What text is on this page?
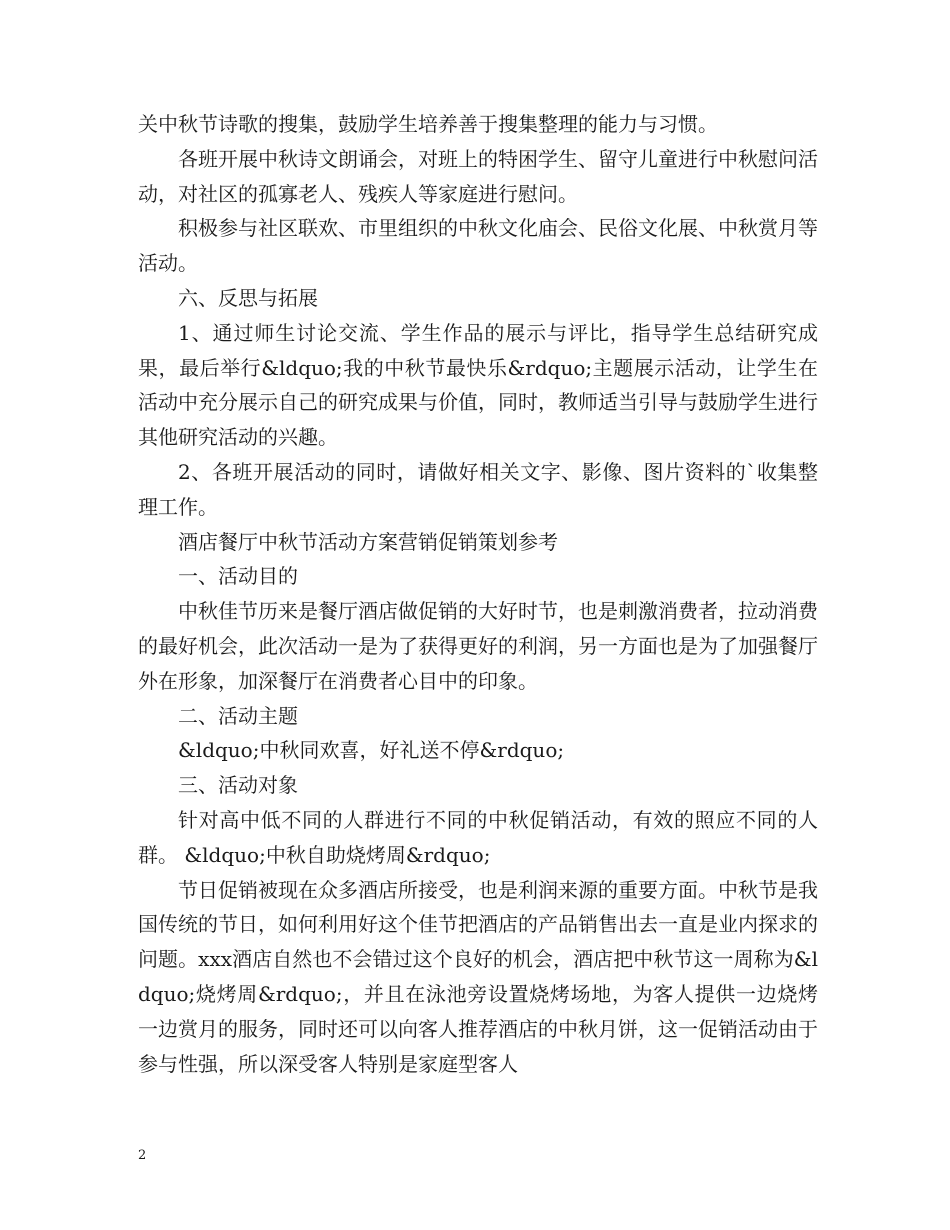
关中秋节诗歌的搜集，鼓励学生培养善于搜集整理的能力与习惯。

各班开展中秋诗文朗诵会，对班上的特困学生、留守儿童进行中秋慰问活动，对社区的孤寡老人、残疾人等家庭进行慰问。

积极参与社区联欢、市里组织的中秋文化庙会、民俗文化展、中秋赏月等活动。

六、反思与拓展

1、通过师生讨论交流、学生作品的展示与评比，指导学生总结研究成果，最后举行&ldquo;我的中秋节最快乐&rdquo;主题展示活动，让学生在活动中充分展示自己的研究成果与价值，同时，教师适当引导与鼓励学生进行其他研究活动的兴趣。

2、各班开展活动的同时，请做好相关文字、影像、图片资料的`收集整理工作。

酒店餐厅中秋节活动方案营销促销策划参考

一、活动目的

中秋佳节历来是餐厅酒店做促销的大好时节，也是刺激消费者，拉动消费的最好机会，此次活动一是为了获得更好的利润，另一方面也是为了加强餐厅外在形象，加深餐厅在消费者心目中的印象。

二、活动主题

&ldquo;中秋同欢喜，好礼送不停&rdquo;

三、活动对象

针对高中低不同的人群进行不同的中秋促销活动，有效的照应不同的人群。 &ldquo;中秋自助烧烤周&rdquo;

节日促销被现在众多酒店所接受，也是利润来源的重要方面。中秋节是我国传统的节日，如何利用好这个佳节把酒店的产品销售出去一直是业内探求的问题。xxx酒店自然也不会错过这个良好的机会，酒店把中秋节这一周称为&ldquo;烧烤周&rdquo;，并且在泳池旁设置烧烤场地，为客人提供一边烧烤一边赏月的服务，同时还可以向客人推荐酒店的中秋月饼，这一促销活动由于参与性强，所以深受客人特别是家庭型客人

2
